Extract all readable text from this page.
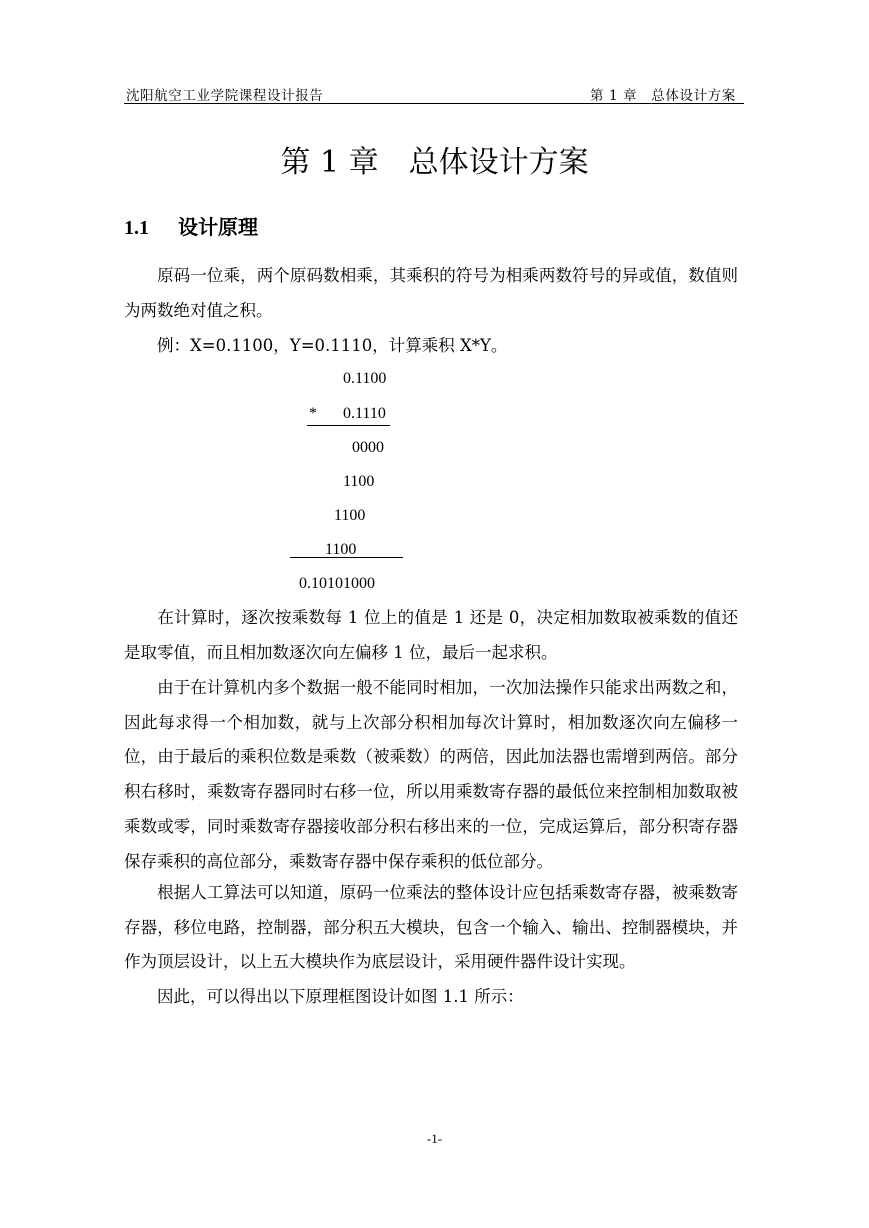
沈阳航空工业学院课程设计报告	第 1 章　总体设计方案
第 1 章　总体设计方案
1.1 设计原理
原码一位乘，两个原码数相乘，其乘积的符号为相乘两数符号的异或值，数值则为两数绝对值之积。
例：X=0.1100，Y=0.1110，计算乘积 X*Y。
0.1100
* 0.1110
0000
1100
1100
1100
0.10101000
在计算时，逐次按乘数每 1 位上的值是 1 还是 0，决定相加数取被乘数的值还是取零值，而且相加数逐次向左偏移 1 位，最后一起求积。
由于在计算机内多个数据一般不能同时相加，一次加法操作只能求出两数之和，因此每求得一个相加数，就与上次部分积相加每次计算时，相加数逐次向左偏移一位，由于最后的乘积位数是乘数（被乘数）的两倍，因此加法器也需增到两倍。部分积右移时，乘数寄存器同时右移一位，所以用乘数寄存器的最低位来控制相加数取被乘数或零，同时乘数寄存器接收部分积右移出来的一位，完成运算后，部分积寄存器保存乘积的高位部分，乘数寄存器中保存乘积的低位部分。
根据人工算法可以知道，原码一位乘法的整体设计应包括乘数寄存器，被乘数寄存器，移位电路，控制器，部分积五大模块，包含一个输入、输出、控制器模块，并作为顶层设计，以上五大模块作为底层设计，采用硬件器件设计实现。
因此，可以得出以下原理框图设计如图 1.1 所示：
-1-
